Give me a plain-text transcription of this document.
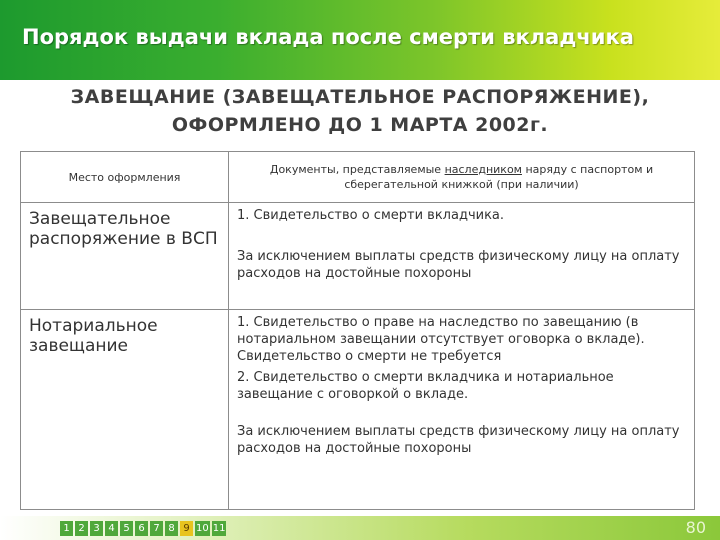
Порядок выдачи вклада после смерти вкладчика
ЗАВЕЩАНИЕ (ЗАВЕЩАТЕЛЬНОЕ РАСПОРЯЖЕНИЕ),
ОФОРМЛЕНО ДО 1 МАРТА 2002г.
Место оформления	Документы, представляемые наследником наряду с паспортом и сберегательной книжкой (при наличии)
Завещательное распоряжение в ВСП	1. Свидетельство о смерти вкладчика.

За исключением выплаты средств физическому лицу на оплату расходов на достойные похороны

Нотариальное завещание	1. Свидетельство о праве на наследство по завещанию (в нотариальном завещании отсутствует оговорка о вкладе).

Свидетельство о смерти не требуется

2. Свидетельство о смерти вкладчика и нотариальное завещание с оговоркой о вкладе.

За исключением выплаты средств физическому лицу на оплату расходов на достойные похороны

1 2 3 4 5 6 7 8 9 10 11	80
